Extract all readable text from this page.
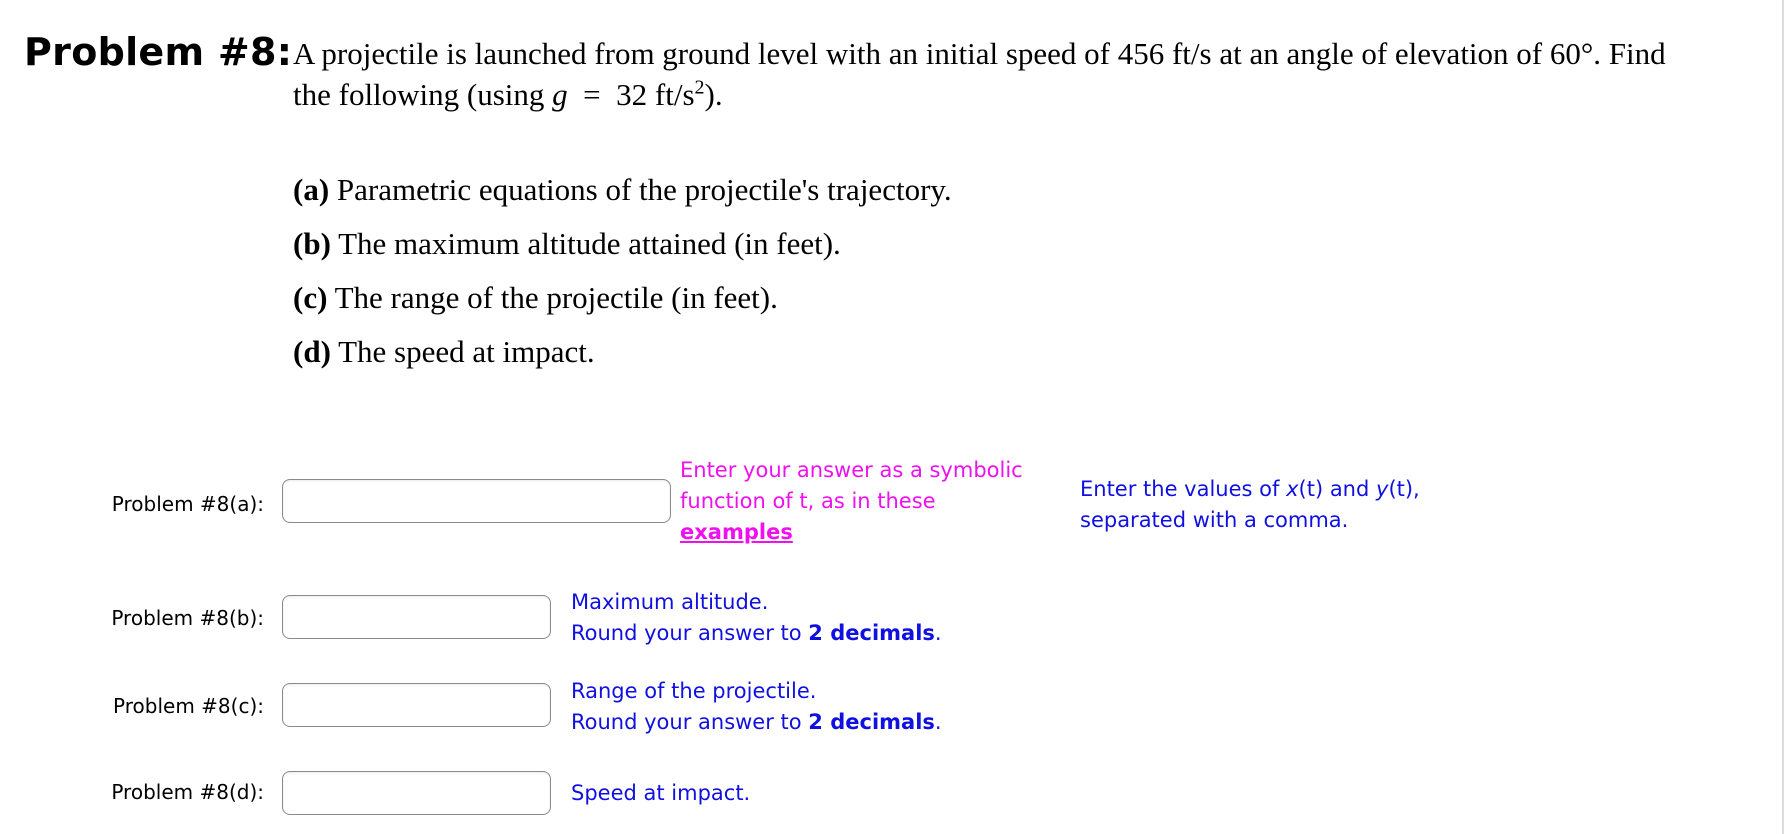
Problem #8: A projectile is launched from ground level with an initial speed of 456 ft/s at an angle of elevation of 60°. Find
the following (using g = 32 $ft/s^2$).
(a) Parametric equations of the projectile's trajectory.
(b) The maximum altitude attained (in feet).
(c) The range of the projectile (in feet).
(d) The speed at impact.
Problem #8(a):
Enter your answer as a symbolic
function of t, as in these
examples
Enter the values of x(t) and y(t),
separated with a comma.
Problem #8(b):
Maximum altitude.
Round your answer to 2 decimals.
Problem #8(c):
Range of the projectile.
Round your answer to 2 decimals.
Problem #8(d):	Speed at impact.
